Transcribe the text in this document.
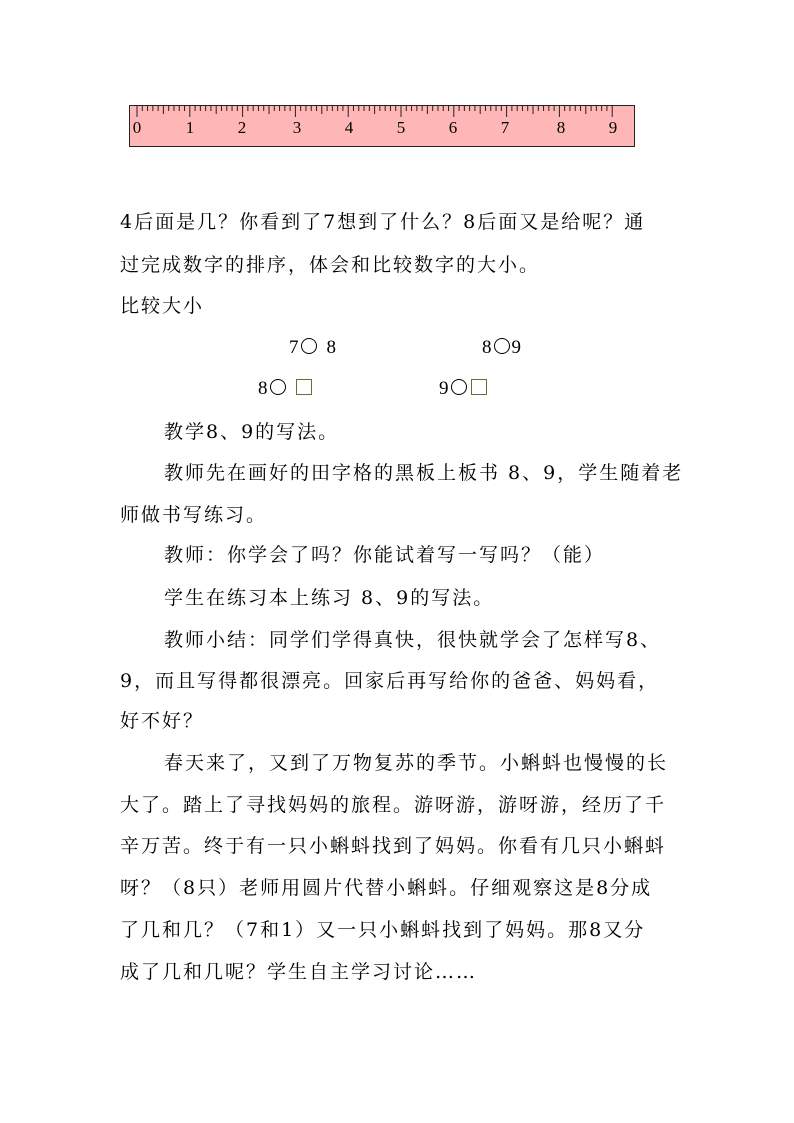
0	1	2	3	4	5	6	7	8	9
4后面是几？你看到了7想到了什么？8后面又是给呢？通
过完成数字的排序，体会和比较数字的大小。
比较大小
7 8	8 9
8	9
教学8、9的写法。
教师先在画好的田字格的黑板上板书 8、9，学生随着老
师做书写练习。
教师：你学会了吗？你能试着写一写吗？（能）
学生在练习本上练习 8、9的写法。
教师小结：同学们学得真快，很快就学会了怎样写8、
9，而且写得都很漂亮。回家后再写给你的爸爸、妈妈看，
好不好？
春天来了，又到了万物复苏的季节。小蝌蚪也慢慢的长
大了。踏上了寻找妈妈的旅程。游呀游，游呀游，经历了千
辛万苦。终于有一只小蝌蚪找到了妈妈。你看有几只小蝌蚪
呀？（8只）老师用圆片代替小蝌蚪。仔细观察这是8分成
了几和几？（7和1）又一只小蝌蚪找到了妈妈。那8又分
成了几和几呢？学生自主学习讨论……
